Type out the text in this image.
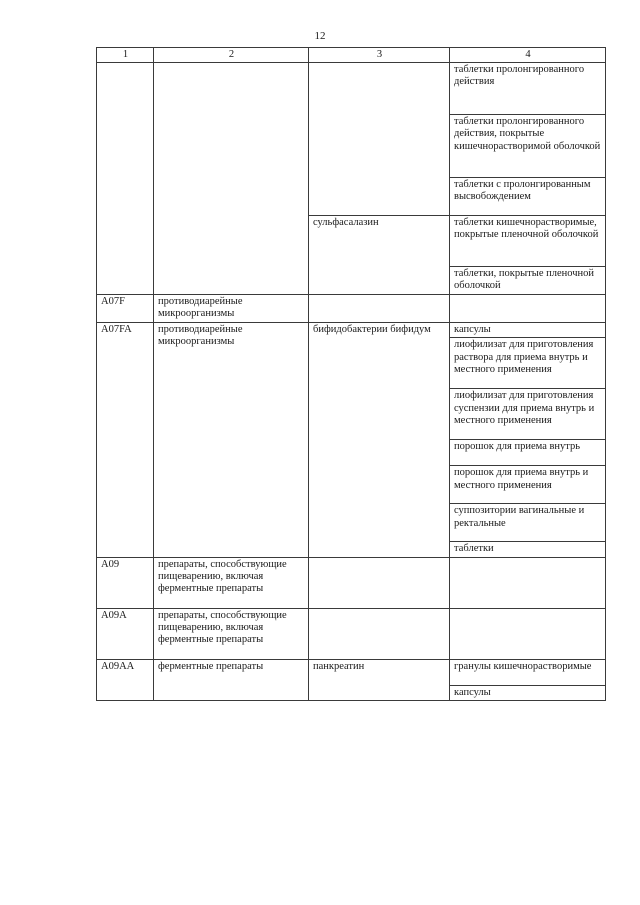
12
1	2	3	4
			таблетки пролонгированного действия
			таблетки пролонгированного действия, покрытые кишечнорастворимой оболочкой
			таблетки с пролонгированным высвобождением
		сульфасалазин	таблетки кишечнорастворимые, покрытые пленочной оболочкой
			таблетки, покрытые пленочной оболочкой
A07F	противодиарейные микроорганизмы		
A07FA	противодиарейные микроорганизмы	бифидобактерии бифидум	капсулы
			лиофилизат для приготовления раствора для приема внутрь и местного применения
			лиофилизат для приготовления суспензии для приема внутрь и местного применения
			порошок для приема внутрь
			порошок для приема внутрь и местного применения
			суппозитории вагинальные и ректальные
			таблетки
A09	препараты, способствующие пищеварению, включая ферментные препараты		
A09A	препараты, способствующие пищеварению, включая ферментные препараты		
A09AA	ферментные препараты	панкреатин	гранулы кишечнорастворимые
			капсулы
